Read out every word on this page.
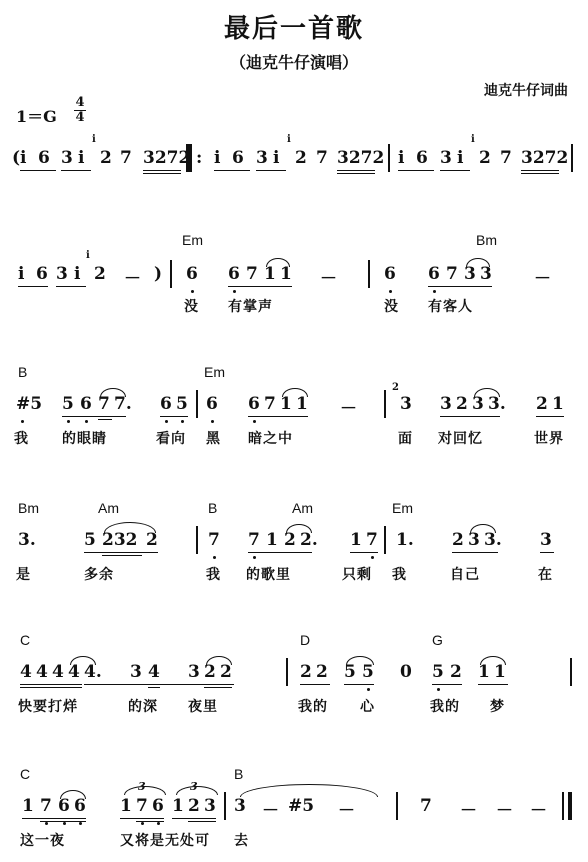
最后一首歌
（迪克牛仔演唱）
迪克牛仔词曲
1＝G
4
4
( i 6 3 i
i
2 7 3272 : i 6 3 i
i
2 7 3272 i 6 3 i
i
2 7 3272
Em	Bm
i 6 3 i
i
2 － ) 6 6 7 1 1 －	6 6 7 3 3 －
没 有掌声	没 有客人
B	Em
#5 5 6 7 7. 6 5 6 6 7 1 1 －
2
3 3 2 3 3. 2 1
我 的眼睛	看向 黑 暗之中	面 对回忆	世界
Bm	Am	B	Am	Em
3.	5 232 2	7 7 1 2 2. 1 7 1. 2 3 3. 3
是	多余	我 的歌里	只剩 我	自己	在
C	D	G
4 4 4 4 4. 3 4 3 2 2	2 2 5 5 0 5 2 1 1
快要打烊	的深 夜里	我的 心	我的 梦
C	B
1 7 6 6
3
1 7 6
3
1 2 3 3 － #5 －	7 － － －
这一夜	又将是无处可 去
